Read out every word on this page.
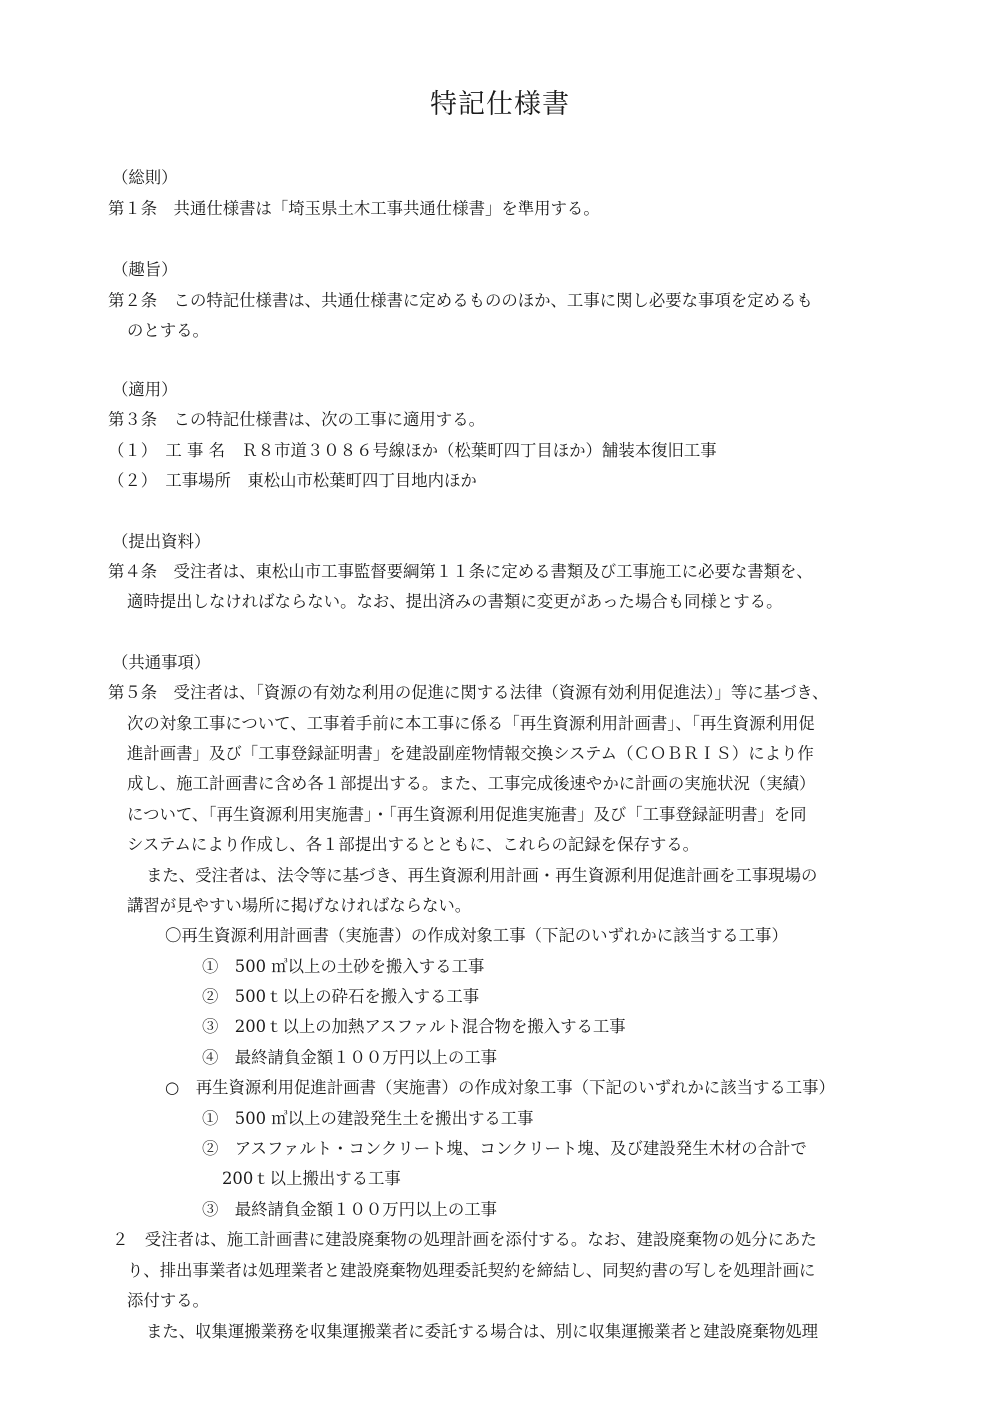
特記仕様書
（総則）
第１条　共通仕様書は「埼玉県土木工事共通仕様書」を準用する。
（趣旨）
第２条　この特記仕様書は、共通仕様書に定めるもののほか、工事に関し必要な事項を定めるも
のとする。
（適用）
第３条　この特記仕様書は、次の工事に適用する。
（１）　工 事 名　Ｒ８市道３０８６号線ほか（松葉町四丁目ほか）舗装本復旧工事
（２）　工事場所　東松山市松葉町四丁目地内ほか
（提出資料）
第４条　受注者は、東松山市工事監督要綱第１１条に定める書類及び工事施工に必要な書類を、
適時提出しなければならない。なお、提出済みの書類に変更があった場合も同様とする。
（共通事項）
第５条　受注者は、「資源の有効な利用の促進に関する法律（資源有効利用促進法）」等に基づき、
次の対象工事について、工事着手前に本工事に係る「再生資源利用計画書」、「再生資源利用促
進計画書」及び「工事登録証明書」を建設副産物情報交換システム（ＣＯＢＲＩＳ）により作
成し、施工計画書に含め各１部提出する。また、工事完成後速やかに計画の実施状況（実績）
について、「再生資源利用実施書」・「再生資源利用促進実施書」及び「工事登録証明書」を同
システムにより作成し、各１部提出するとともに、これらの記録を保存する。
また、受注者は、法令等に基づき、再生資源利用計画・再生資源利用促進計画を工事現場の
講習が見やすい場所に掲げなければならない。
〇再生資源利用計画書（実施書）の作成対象工事（下記のいずれかに該当する工事）
①　500 ㎥以上の土砂を搬入する工事
②　500ｔ以上の砕石を搬入する工事
③　200ｔ以上の加熱アスファルト混合物を搬入する工事
④　最終請負金額１００万円以上の工事
○　再生資源利用促進計画書（実施書）の作成対象工事（下記のいずれかに該当する工事）
①　500 ㎥以上の建設発生土を搬出する工事
②　アスファルト・コンクリート塊、コンクリート塊、及び建設発生木材の合計で
200ｔ以上搬出する工事
③　最終請負金額１００万円以上の工事
２　受注者は、施工計画書に建設廃棄物の処理計画を添付する。なお、建設廃棄物の処分にあた
り、排出事業者は処理業者と建設廃棄物処理委託契約を締結し、同契約書の写しを処理計画に
添付する。
また、収集運搬業務を収集運搬業者に委託する場合は、別に収集運搬業者と建設廃棄物処理
